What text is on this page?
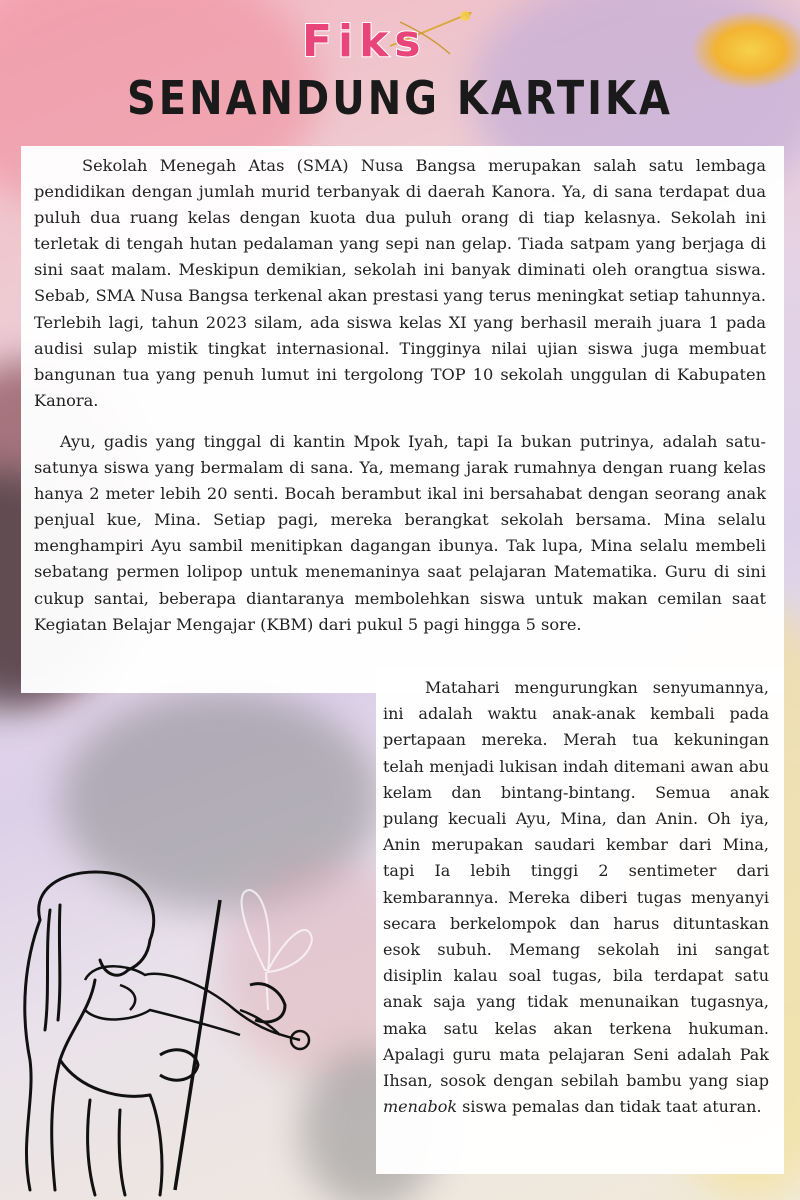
Fiks
SENANDUNG KARTIKA

Sekolah Menegah Atas (SMA) Nusa Bangsa merupakan salah satu lembaga pendidikan dengan jumlah murid terbanyak di daerah Kanora. Ya, di sana terdapat dua puluh dua ruang kelas dengan kuota dua puluh orang di tiap kelasnya. Sekolah ini terletak di tengah hutan pedalaman yang sepi nan gelap. Tiada satpam yang berjaga di sini saat malam. Meskipun demikian, sekolah ini banyak diminati oleh orangtua siswa. Sebab, SMA Nusa Bangsa terkenal akan prestasi yang terus meningkat setiap tahunnya. Terlebih lagi, tahun 2023 silam, ada siswa kelas XI yang berhasil meraih juara 1 pada audisi sulap mistik tingkat internasional. Tingginya nilai ujian siswa juga membuat bangunan tua yang penuh lumut ini tergolong TOP 10 sekolah unggulan di Kabupaten Kanora.

Ayu, gadis yang tinggal di kantin Mpok Iyah, tapi Ia bukan putrinya, adalah satu-satunya siswa yang bermalam di sana. Ya, memang jarak rumahnya dengan ruang kelas hanya 2 meter lebih 20 senti. Bocah berambut ikal ini bersahabat dengan seorang anak penjual kue, Mina. Setiap pagi, mereka berangkat sekolah bersama. Mina selalu menghampiri Ayu sambil menitipkan dagangan ibunya. Tak lupa, Mina selalu membeli sebatang permen lolipop untuk menemaninya saat pelajaran Matematika. Guru di sini cukup santai, beberapa diantaranya membolehkan siswa untuk makan cemilan saat Kegiatan Belajar Mengajar (KBM) dari pukul 5 pagi hingga 5 sore.

Matahari mengurungkan senyumannya, ini adalah waktu anak-anak kembali pada pertapaan mereka. Merah tua kekuningan telah menjadi lukisan indah ditemani awan abu kelam dan bintang-bintang. Semua anak pulang kecuali Ayu, Mina, dan Anin. Oh iya, Anin merupakan saudari kembar dari Mina, tapi Ia lebih tinggi 2 sentimeter dari kembarannya. Mereka diberi tugas menyanyi secara berkelompok dan harus dituntaskan esok subuh. Memang sekolah ini sangat disiplin kalau soal tugas, bila terdapat satu anak saja yang tidak menunaikan tugasnya, maka satu kelas akan terkena hukuman. Apalagi guru mata pelajaran Seni adalah Pak Ihsan, sosok dengan sebilah bambu yang siap menabok siswa pemalas dan tidak taat aturan.
